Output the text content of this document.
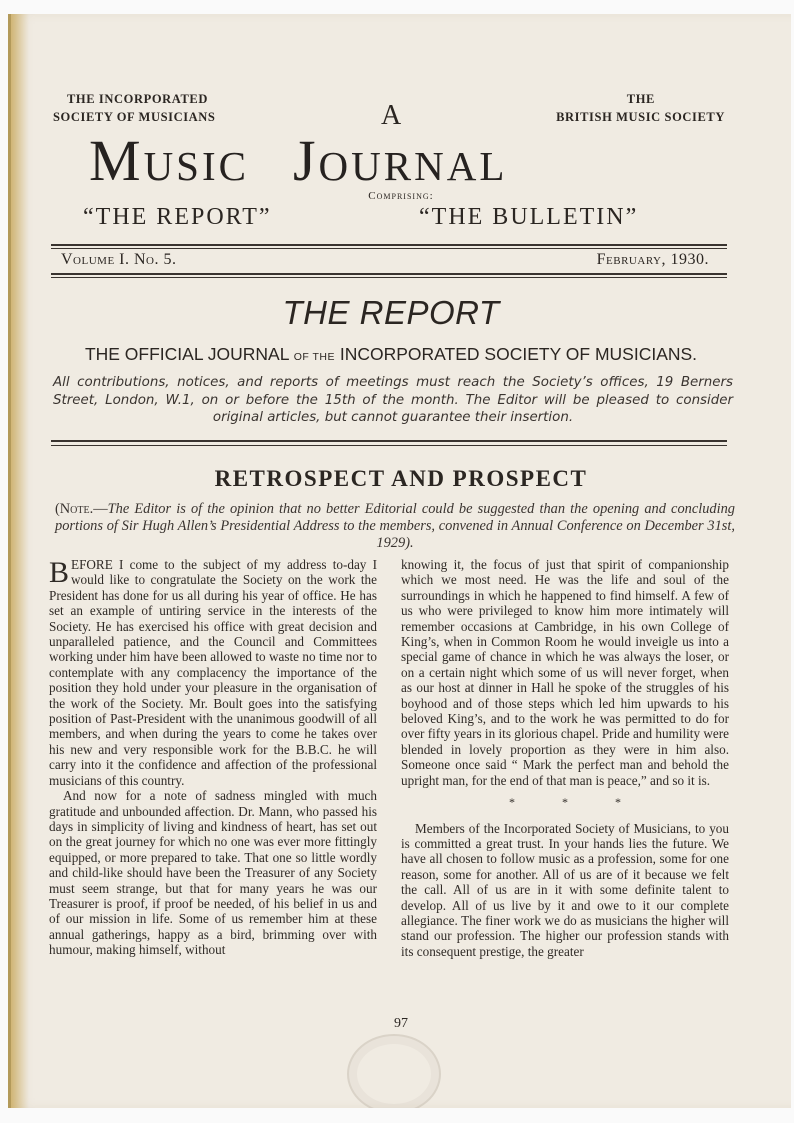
THE INCORPORATED
SOCIETY OF MUSICIANS	A
THE
BRITISH MUSIC SOCIETY
Music Journal
Comprising:
“THE REPORT”	“THE BULLETIN”
Volume I. No. 5.	February, 1930.
THE REPORT
THE OFFICIAL JOURNAL OF THE INCORPORATED SOCIETY OF MUSICIANS.
All contributions, notices, and reports of meetings must reach the Society’s offices, 19 Berners Street, London, W.1, on or before the 15th of the month. The Editor will be pleased to consider original articles, but cannot guarantee their insertion.
RETROSPECT AND PROSPECT
(Note.—The Editor is of the opinion that no better Editorial could be suggested than the opening and concluding portions of Sir Hugh Allen’s Presidential Address to the members, convened in Annual Conference on December 31st, 1929).

BEFORE I come to the subject of my address to-day I would like to congratulate the Society on the work the President has done for us all during his year of office. He has set an example of untiring service in the interests of the Society. He has exercised his office with great decision and unparalleled patience, and the Council and Committees working under him have been allowed to waste no time nor to contemplate with any complacency the importance of the position they hold under your pleasure in the organisation of the work of the Society. Mr. Boult goes into the satisfying position of Past-President with the unanimous goodwill of all members, and when during the years to come he takes over his new and very responsible work for the B.B.C. he will carry into it the confidence and affection of the professional musicians of this country.

And now for a note of sadness mingled with much gratitude and unbounded affection. Dr. Mann, who passed his days in simplicity of living and kindness of heart, has set out on the great journey for which no one was ever more fittingly equipped, or more prepared to take. That one so little wordly and child-like should have been the Treasurer of any Society must seem strange, but that for many years he was our Treasurer is proof, if proof be needed, of his belief in us and of our mission in life. Some of us remember him at these annual gatherings, happy as a bird, brimming over with humour, making himself, without

knowing it, the focus of just that spirit of companionship which we most need. He was the life and soul of the surroundings in which he happened to find himself. A few of us who were privileged to know him more intimately will remember occasions at Cambridge, in his own College of King’s, when in Common Room he would inveigle us into a special game of chance in which he was always the loser, or on a certain night which some of us will never forget, when as our host at dinner in Hall he spoke of the struggles of his boyhood and of those steps which led him upwards to his beloved King’s, and to the work he was permitted to do for over fifty years in its glorious chapel. Pride and humility were blended in lovely proportion as they were in him also. Someone once said “ Mark the perfect man and behold the upright man, for the end of that man is peace,” and so it is.

* * *

Members of the Incorporated Society of Musicians, to you is committed a great trust. In your hands lies the future. We have all chosen to follow music as a profession, some for one reason, some for another. All of us are of it because we felt the call. All of us are in it with some definite talent to develop. All of us live by it and owe to it our complete allegiance. The finer work we do as musicians the higher will stand our profession. The higher our profession stands with its consequent prestige, the greater

97
